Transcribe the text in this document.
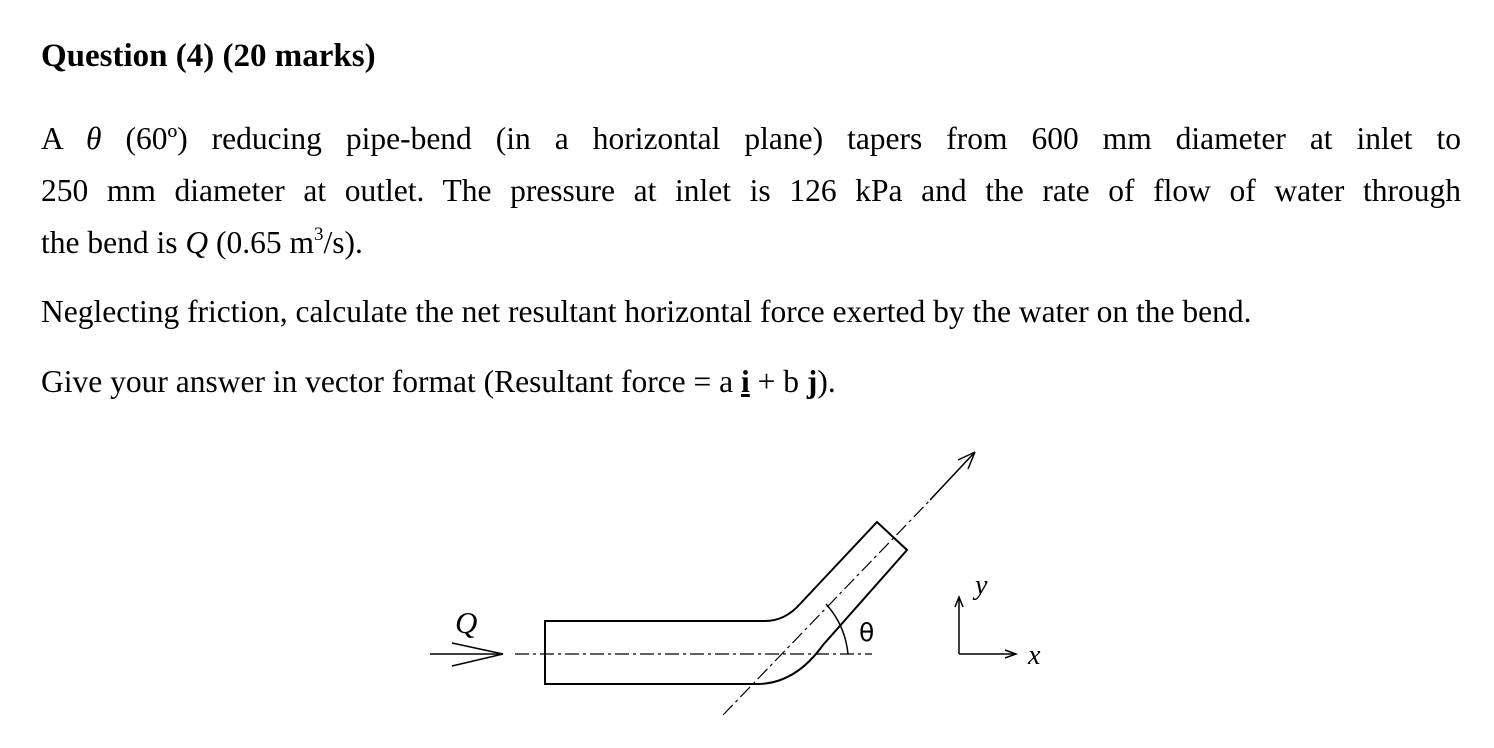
Question (4) (20 marks)

A θ (60º) reducing pipe-bend (in a horizontal plane) tapers from 600 mm diameter at inlet to
250 mm diameter at outlet. The pressure at inlet is 126 kPa and the rate of flow of water through
the bend is Q (0.65 $m^3/s$).

Neglecting friction, calculate the net resultant horizontal force exerted by the water on the bend.

Give your answer in vector format (Resultant force = a i + b j).

Q	θ
y
x
